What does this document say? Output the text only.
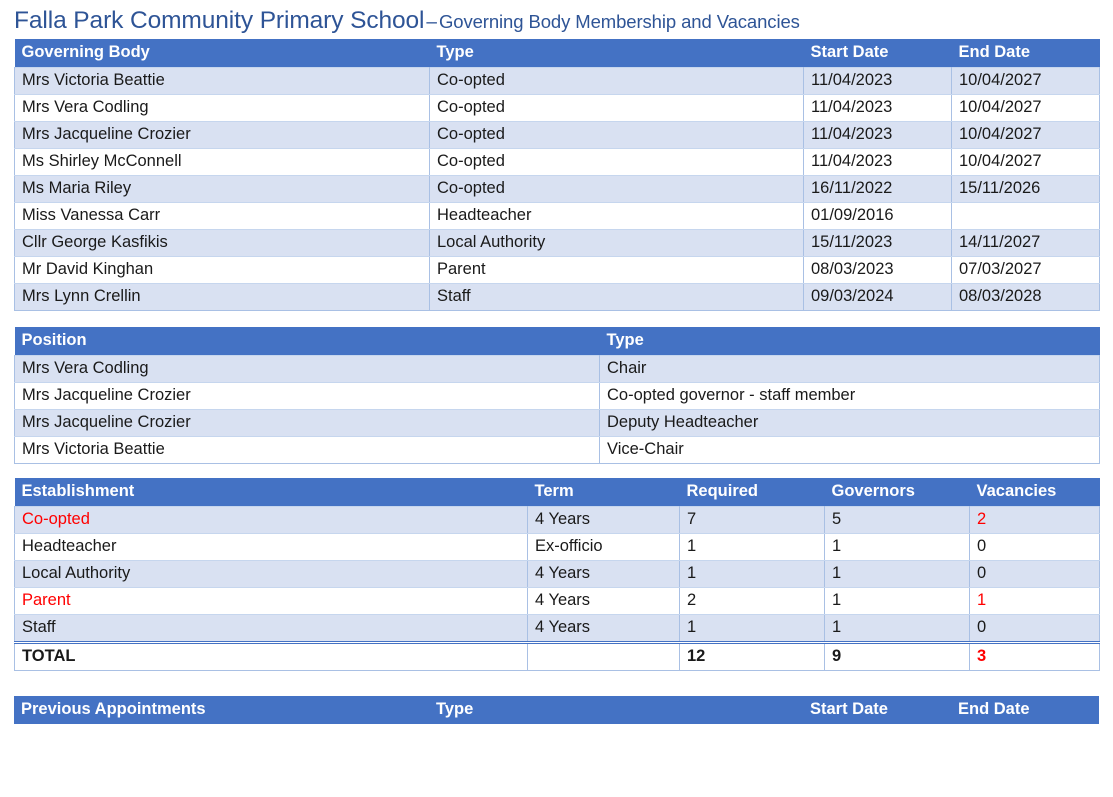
Falla Park Community Primary School – Governing Body Membership and Vacancies
Governing Body	Type	Start Date	End Date
Mrs Victoria Beattie	Co-opted	11/04/2023	10/04/2027
Mrs Vera Codling	Co-opted	11/04/2023	10/04/2027
Mrs Jacqueline Crozier	Co-opted	11/04/2023	10/04/2027
Ms Shirley McConnell	Co-opted	11/04/2023	10/04/2027
Ms Maria Riley	Co-opted	16/11/2022	15/11/2026
Miss Vanessa Carr	Headteacher	01/09/2016	
Cllr George Kasfikis	Local Authority	15/11/2023	14/11/2027
Mr David Kinghan	Parent	08/03/2023	07/03/2027
Mrs Lynn Crellin	Staff	09/03/2024	08/03/2028
Position	Type
Mrs Vera Codling	Chair
Mrs Jacqueline Crozier	Co-opted governor - staff member
Mrs Jacqueline Crozier	Deputy Headteacher
Mrs Victoria Beattie	Vice-Chair
Establishment	Term	Required	Governors	Vacancies
Co-opted	4 Years	7	5	2
Headteacher	Ex-officio	1	1	0
Local Authority	4 Years	1	1	0
Parent	4 Years	2	1	1
Staff	4 Years	1	1	0
TOTAL		12	9	3
Previous Appointments	Type	Start Date	End Date
